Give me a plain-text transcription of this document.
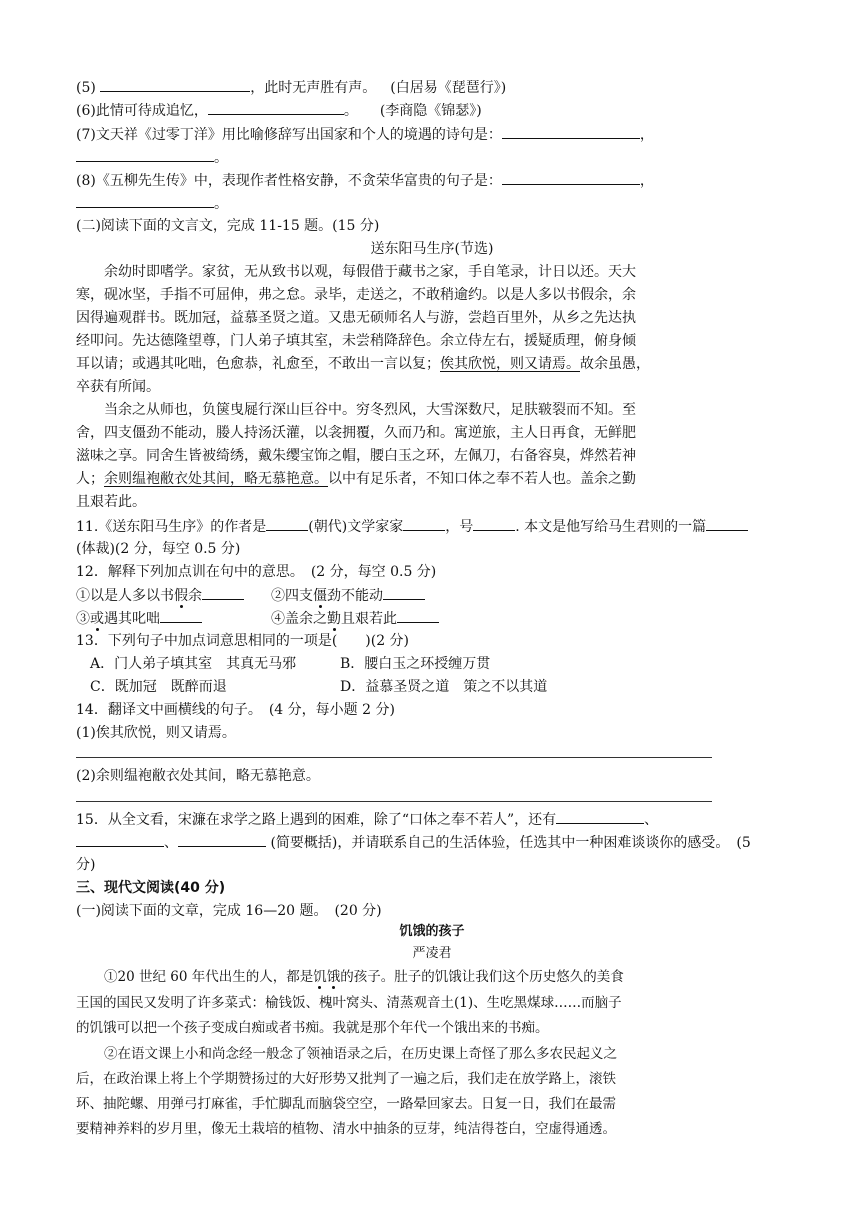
(5)	，此时无声胜有声。 (白居易《琵琶行》)
(6)此情可待成追忆，	。 (李商隐《锦瑟》)
(7)文天祥《过零丁洋》用比喻修辞写出国家和个人的境遇的诗句是：	，
。
(8)《五柳先生传》中，表现作者性格安静，不贪荣华富贵的句子是：	，
。
(二)阅读下面的文言文，完成 11-15 题。(15 分)
送东阳马生序(节选)
余幼时即嗜学。家贫，无从致书以观，每假借于藏书之家，手自笔录，计日以还。天大
寒，砚冰坚，手指不可屈伸，弗之怠。录毕，走送之，不敢稍逾约。以是人多以书假余，余
因得遍观群书。既加冠，益慕圣贤之道。又患无硕师名人与游，尝趋百里外，从乡之先达执
经叩问。先达德隆望尊，门人弟子填其室，未尝稍降辞色。余立侍左右，援疑质理，俯身倾
耳以请；或遇其叱咄，色愈恭，礼愈至，不敢出一言以复；俟其欣悦，则又请焉。故余虽愚，
卒获有所闻。
当余之从师也，负箧曳屣行深山巨谷中。穷冬烈风，大雪深数尺，足肤皲裂而不知。至
舍，四支僵劲不能动，媵人持汤沃灌，以衾拥覆，久而乃和。寓逆旅，主人日再食，无鲜肥
滋味之享。同舍生皆被绮绣，戴朱缨宝饰之帽，腰白玉之环，左佩刀，右备容臭，烨然若神
人；余则缊袍敝衣处其间，略无慕艳意。以中有足乐者，不知口体之奉不若人也。盖余之勤
且艰若此。
11.《送东阳马生序》的作者是	(朝代)文学家家	，号	. 本文是他写给马生君则的一篇
(体裁)(2 分，每空 0.5 分)
12．解释下列加点训在句中的意思。　(2 分，每空 0.5 分)
①以是人多以书假余	②四支僵劲不能动
③或遇其叱咄	④盖余之勤且艰若此
13．下列句子中加点词意思相同的一项是(　　)(2 分)
A．门人弟子填其室　其真无马邪	B．腰白玉之环授缠万贯
C．既加冠　既醉而退	D．益慕圣贤之道　策之不以其道
14．翻译文中画横线的句子。　(4 分，每小题 2 分)
(1)俟其欣悦，则又请焉。
(2)余则缊袍敝衣处其间，略无慕艳意。
15．从全文看，宋濂在求学之路上遇到的困难，除了“口体之奉不若人”，还有	、
、	(简要概括)，并请联系自己的生活体验，任选其中一种困难谈谈你的感受。　(5
分)
三、现代文阅读(40 分)
(一)阅读下面的文章，完成 16—20 题。　(20 分)
饥饿的孩子
严凌君
①20 世纪 60 年代出生的人，都是饥饿的孩子。肚子的饥饿让我们这个历史悠久的美食
王国的国民又发明了许多菜式：榆钱饭、槐叶窝头、清蒸观音土(1)、生吃黑煤球……而脑子
的饥饿可以把一个孩子变成白痴或者书痴。我就是那个年代一个饿出来的书痴。
②在语文课上小和尚念经一般念了领袖语录之后，在历史课上奇怪了那么多农民起义之
后，在政治课上将上个学期赞扬过的大好形势又批判了一遍之后，我们走在放学路上，滚铁
环、抽陀螺、用弹弓打麻雀，手忙脚乱而脑袋空空，一路晕回家去。日复一日，我们在最需
要精神养料的岁月里，像无土栽培的植物、清水中抽条的豆芽，纯洁得苍白，空虚得通透。
